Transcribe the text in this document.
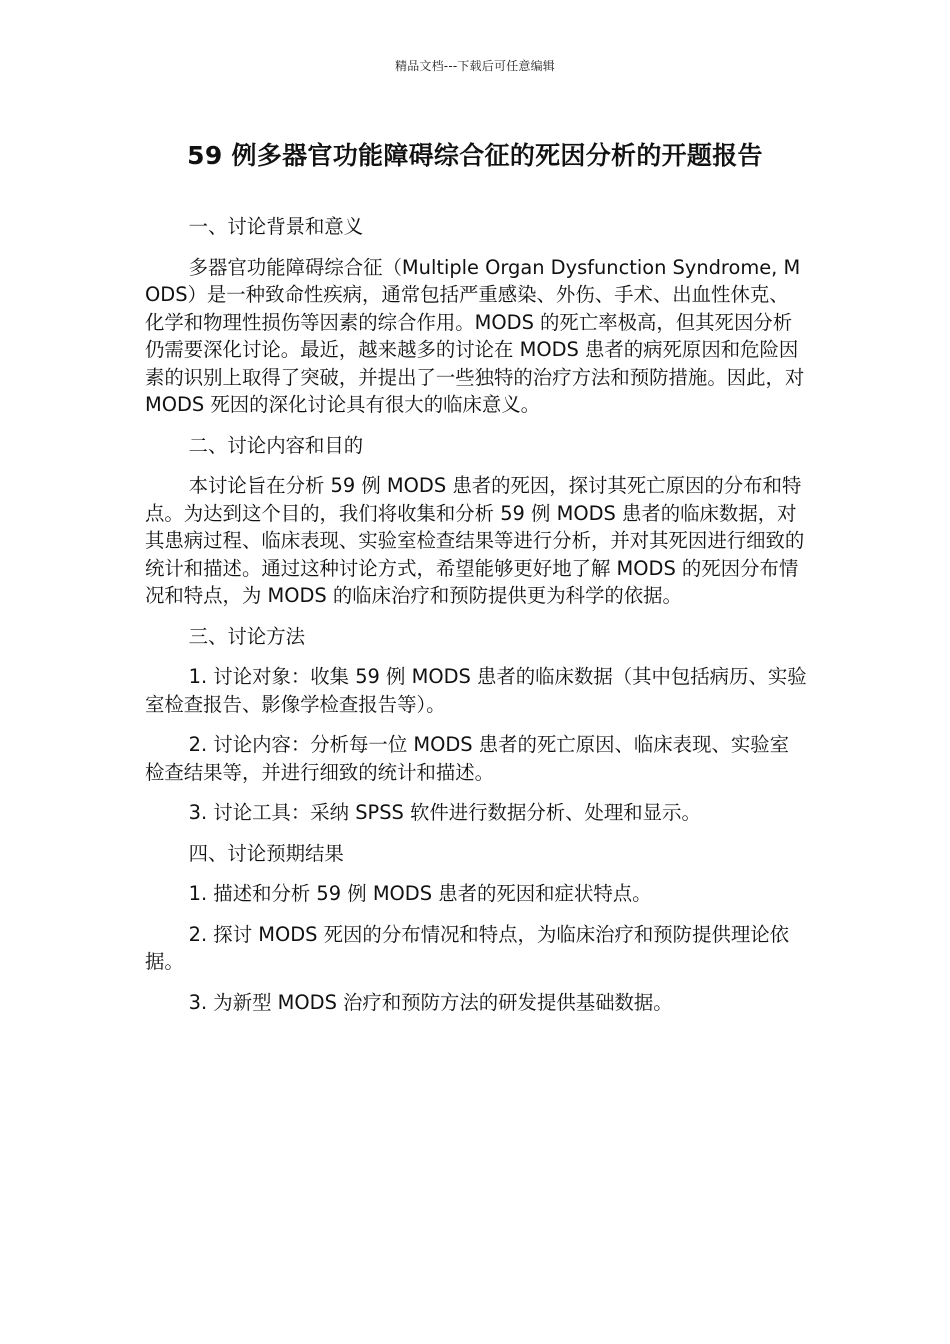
精品文档---下载后可任意编辑
59 例多器官功能障碍综合征的死因分析的开题报告

一、讨论背景和意义

多器官功能障碍综合征（Multiple Organ Dysfunction Syndrome, MODS）是一种致命性疾病，通常包括严重感染、外伤、手术、出血性休克、化学和物理性损伤等因素的综合作用。MODS 的死亡率极高，但其死因分析仍需要深化讨论。最近，越来越多的讨论在 MODS 患者的病死原因和危险因素的识别上取得了突破，并提出了一些独特的治疗方法和预防措施。因此，对 MODS 死因的深化讨论具有很大的临床意义。

二、讨论内容和目的

本讨论旨在分析 59 例 MODS 患者的死因，探讨其死亡原因的分布和特点。为达到这个目的，我们将收集和分析 59 例 MODS 患者的临床数据，对其患病过程、临床表现、实验室检查结果等进行分析，并对其死因进行细致的统计和描述。通过这种讨论方式，希望能够更好地了解 MODS 的死因分布情况和特点，为 MODS 的临床治疗和预防提供更为科学的依据。

三、讨论方法

1. 讨论对象：收集 59 例 MODS 患者的临床数据（其中包括病历、实验室检查报告、影像学检查报告等）。

2. 讨论内容：分析每一位 MODS 患者的死亡原因、临床表现、实验室检查结果等，并进行细致的统计和描述。

3. 讨论工具：采纳 SPSS 软件进行数据分析、处理和显示。

四、讨论预期结果

1. 描述和分析 59 例 MODS 患者的死因和症状特点。

2. 探讨 MODS 死因的分布情况和特点，为临床治疗和预防提供理论依据。

3. 为新型 MODS 治疗和预防方法的研发提供基础数据。
